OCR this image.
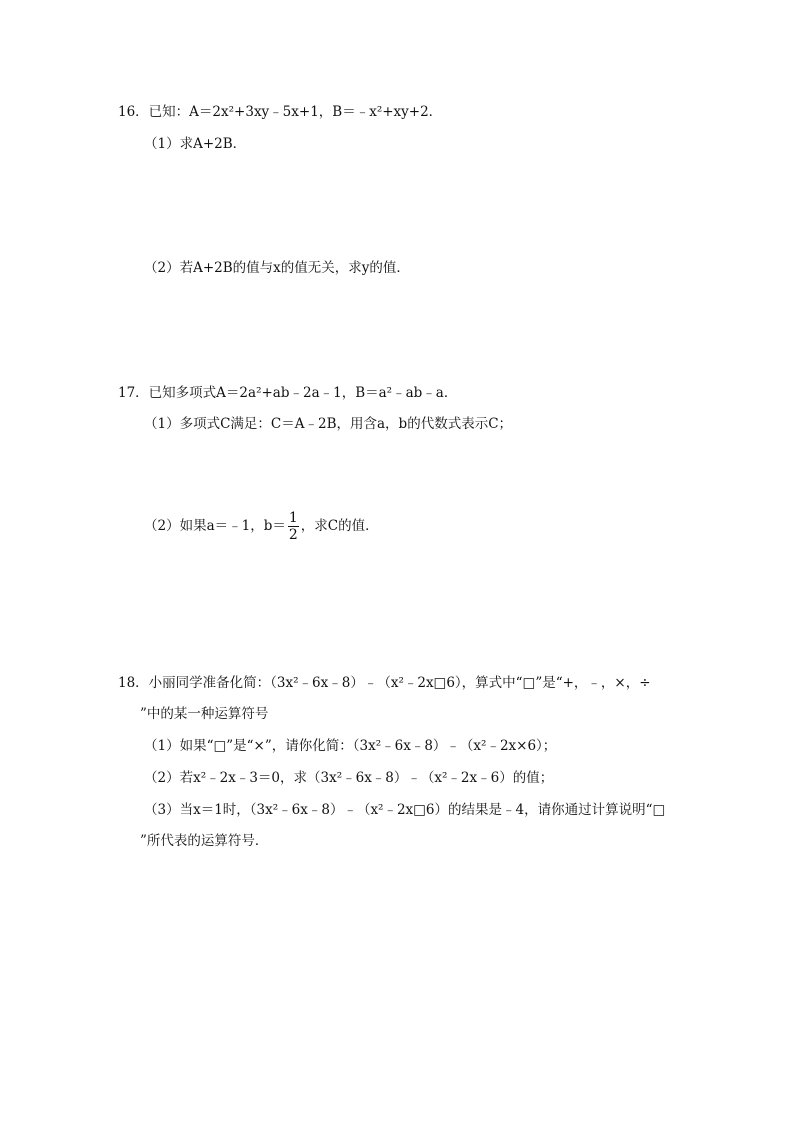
16．已知：A＝2x²+3xy﹣5x+1，B＝﹣x²+xy+2．
（1）求A+2B．
（2）若A+2B的值与x的值无关，求y的值．
17．已知多项式A＝2a²+ab﹣2a﹣1，B＝a²﹣ab﹣a．
（1）多项式C满足：C＝A﹣2B，用含a，b的代数式表示C；
（2）如果a＝﹣1，$b= \frac{1}{2}$ ，求C的值．
18．小丽同学准备化简：（3x²﹣6x﹣8）﹣（x²﹣2x□6），算式中“□”是“+，﹣，×，÷
”中的某一种运算符号
（1）如果“□”是“×”，请你化简：（3x²﹣6x﹣8）﹣（x²﹣2x×6）；
（2）若x²﹣2x﹣3＝0，求（3x²﹣6x﹣8）﹣（x²﹣2x﹣6）的值；
（3）当x＝1时，（3x²﹣6x﹣8）﹣（x²﹣2x□6）的结果是﹣4，请你通过计算说明“□
”所代表的运算符号．
